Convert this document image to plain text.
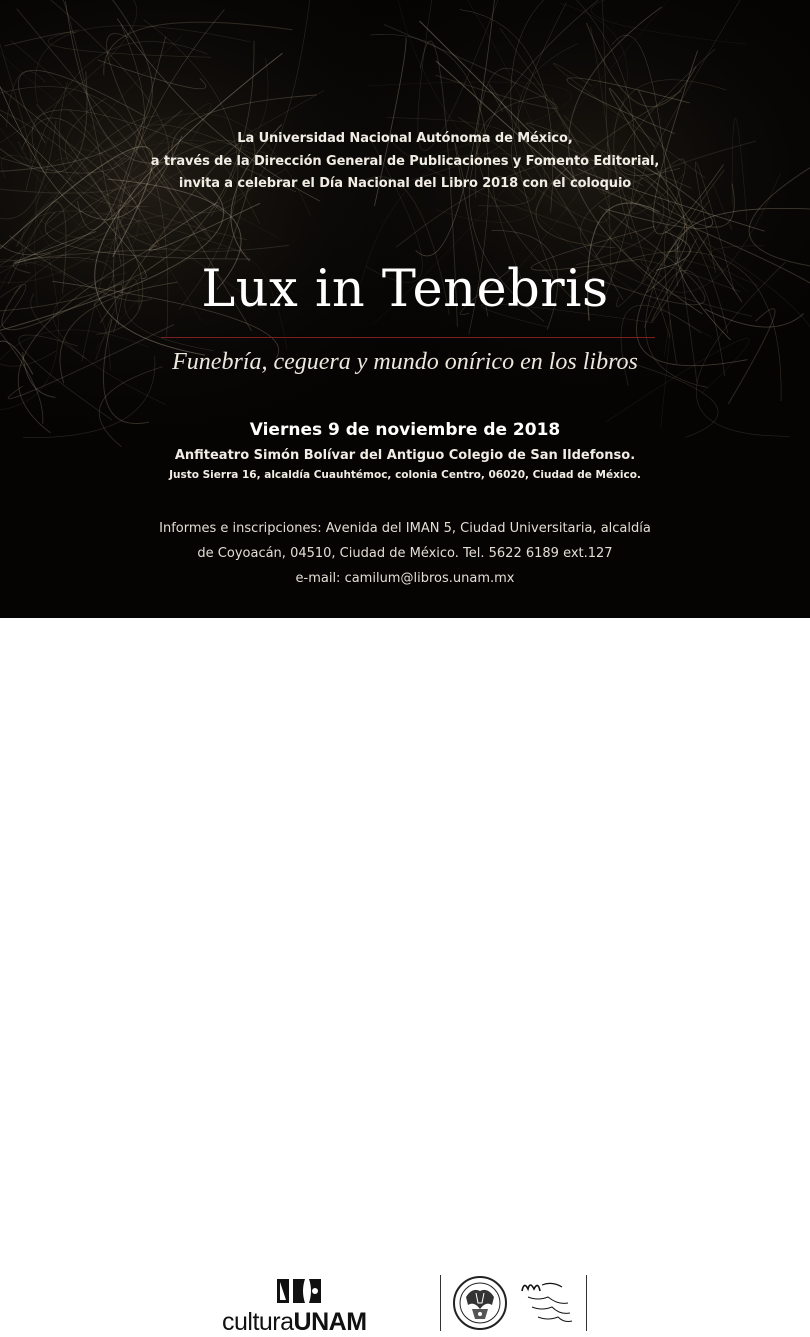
La Universidad Nacional Autónoma de México,
a través de la Dirección General de Publicaciones y Fomento Editorial,
invita a celebrar el Día Nacional del Libro 2018 con el coloquio
Lux in Tenebris
Funebría, ceguera y mundo onírico en los libros
Viernes 9 de noviembre de 2018
Anfiteatro Simón Bolívar del Antiguo Colegio de San Ildefonso.
Justo Sierra 16, alcaldía Cuauhtémoc, colonia Centro, 06020, Ciudad de México.
Informes e inscripciones: Avenida del IMAN 5, Ciudad Universitaria, alcaldía
de Coyoacán, 04510, Ciudad de México. Tel. 5622 6189 ext.127
e-mail: camilum@libros.unam.mx
culturaUNAM
